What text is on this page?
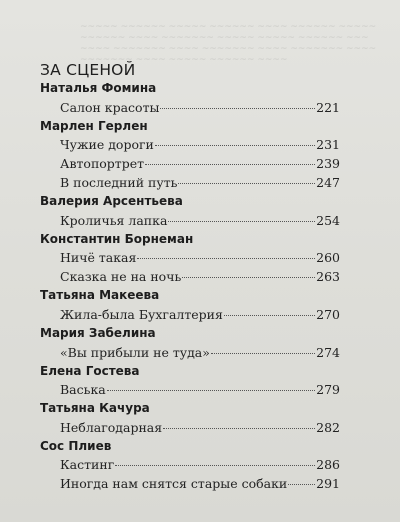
~~~~~ ~~~~~~ ~~~~~ ~~~~~~ ~~~~ ~~~~~~ ~~~~~
~~~~~~ ~~~~ ~~~~~~~ ~~~~~ ~~~~~ ~~~~~~ ~~~
~~~~ ~~~~~~~ ~~~~ ~~~~~~~ ~~~~ ~~~~~~~ ~~~~
~~~~~~~ ~~~~ ~~~~~ ~~~~~~ ~~~~
ЗА СЦЕНОЙ
Наталья Фомина
Салон красоты	221
Марлен Герлен
Чужие дороги	231
Автопортрет	239
В последний путь	247
Валерия Арсентьева
Кроличья лапка	254
Константин Борнеман
Ничё такая	260
Сказка не на ночь	263
Татьяна Макеева
Жила-была Бухгалтерия	270
Мария Забелина
«Вы прибыли не туда»	274
Елена Гостева
Васька	279
Татьяна Качура
Неблагодарная	282
Сос Плиев
Кастинг	286
Иногда нам снятся старые собаки 291
